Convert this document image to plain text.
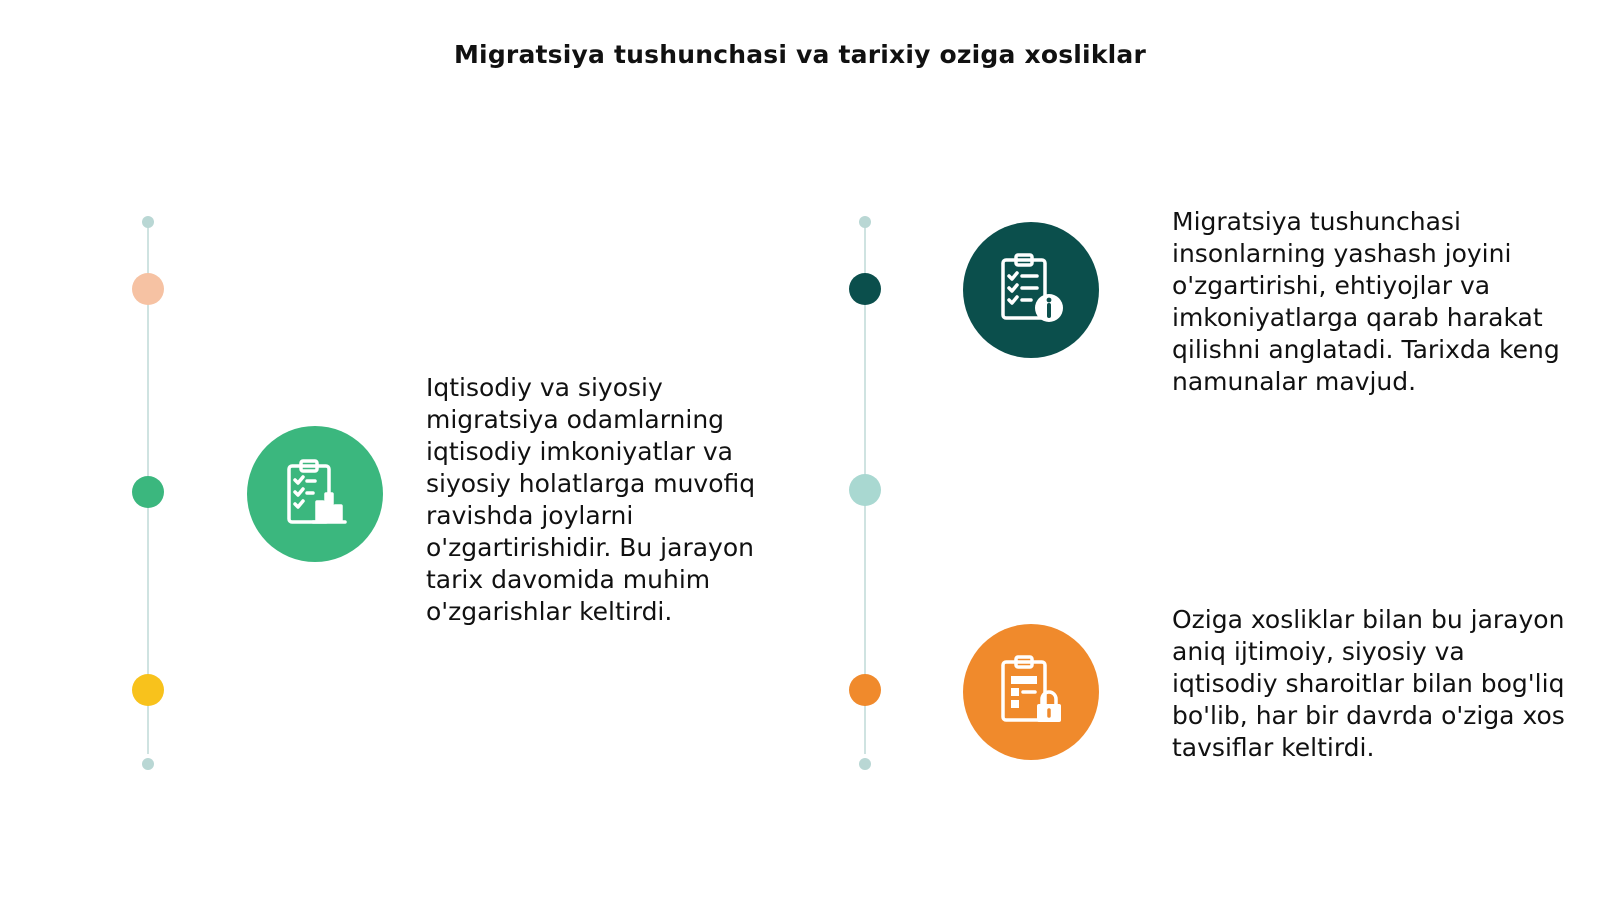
Migratsiya tushunchasi va tarixiy oziga xosliklar

Iqtisodiy va siyosiy migratsiya odamlarning iqtisodiy imkoniyatlar va siyosiy holatlarga muvofiq ravishda joylarni o'zgartirishidir. Bu jarayon tarix davomida muhim o'zgarishlar keltirdi.

Migratsiya tushunchasi insonlarning yashash joyini o'zgartirishi, ehtiyojlar va imkoniyatlarga qarab harakat qilishni anglatadi. Tarixda keng namunalar mavjud.

Oziga xosliklar bilan bu jarayon aniq ijtimoiy, siyosiy va iqtisodiy sharoitlar bilan bog'liq bo'lib, har bir davrda o'ziga xos tavsiflar keltirdi.
